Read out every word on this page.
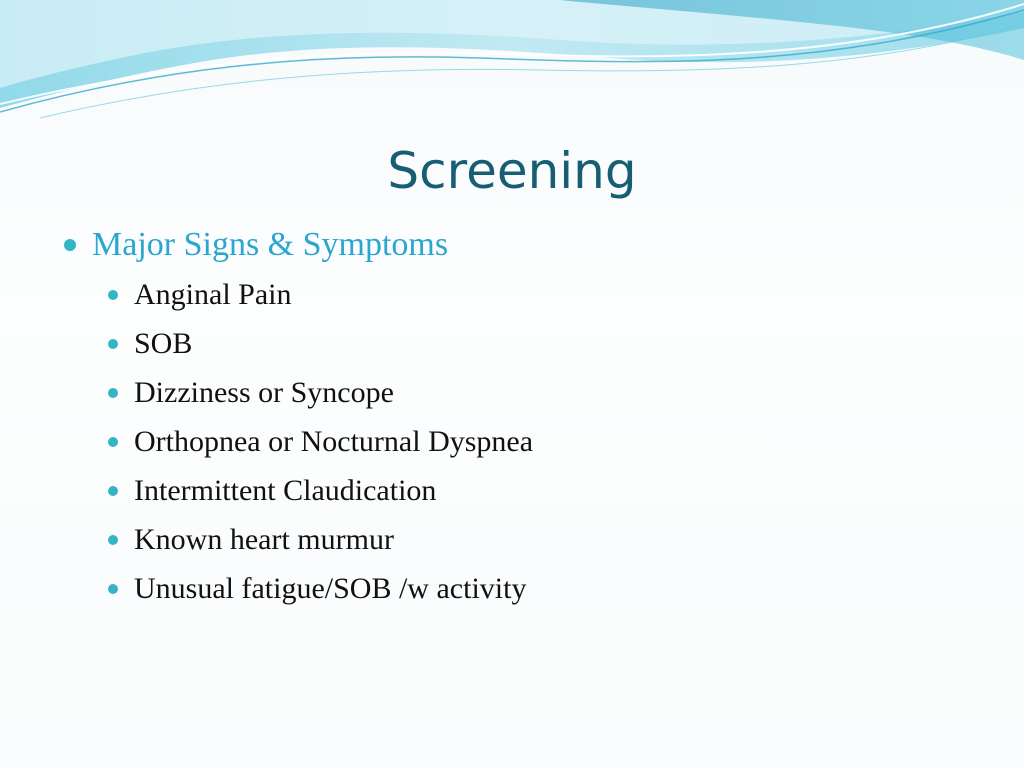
Screening
Major Signs & Symptoms
Anginal Pain
SOB
Dizziness or Syncope
Orthopnea or Nocturnal Dyspnea
Intermittent Claudication
Known heart murmur
Unusual fatigue/SOB /w activity
